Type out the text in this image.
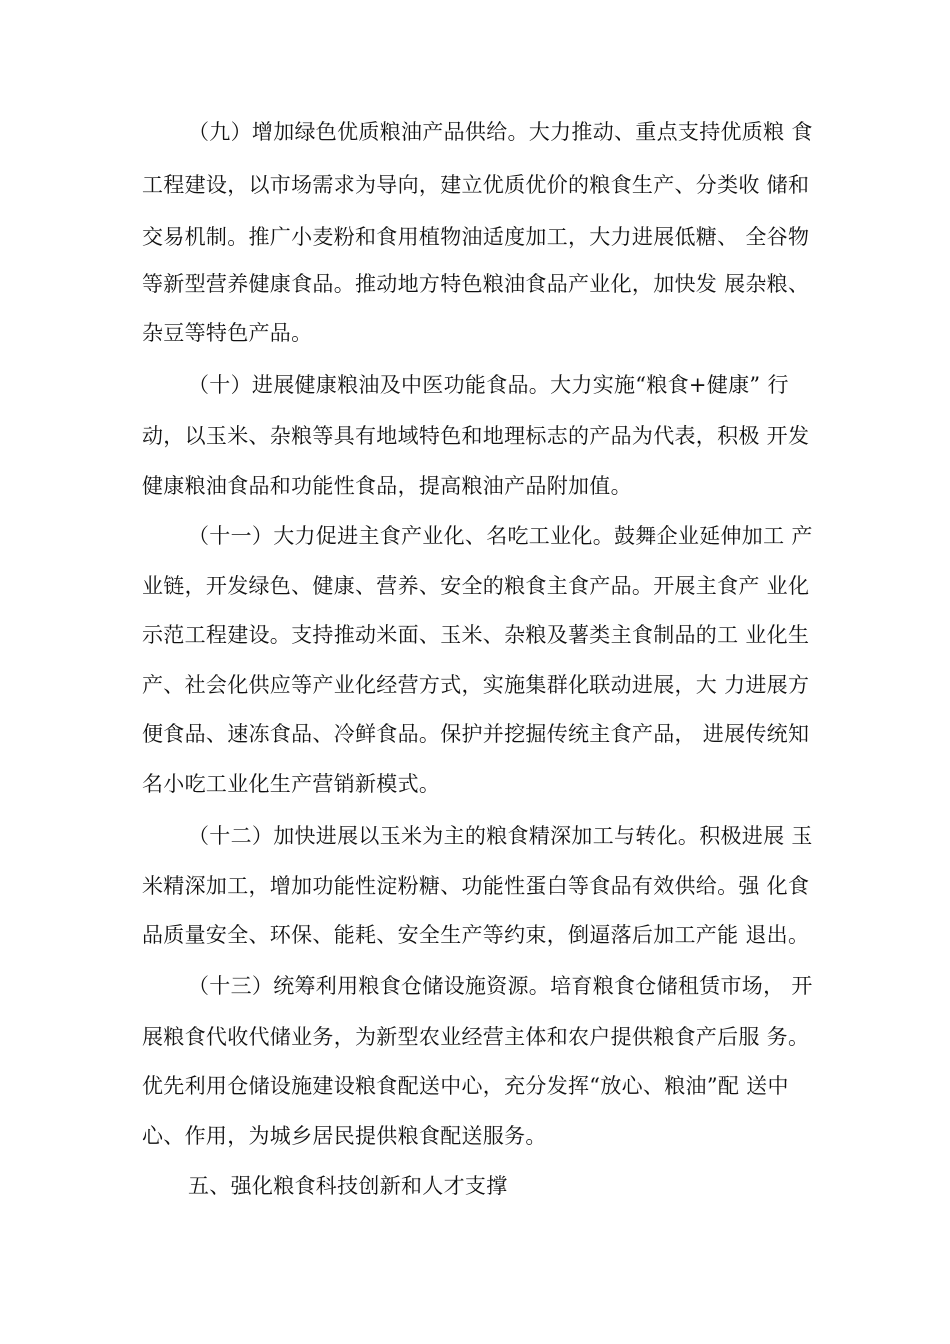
（九）增加绿色优质粮油产品供给。大力推动、重点支持优质粮 食
工程建设，以市场需求为导向，建立优质优价的粮食生产、分类收 储和
交易机制。推广小麦粉和食用植物油适度加工，大力进展低糖、 全谷物
等新型营养健康食品。推动地方特色粮油食品产业化，加快发 展杂粮、
杂豆等特色产品。
（十）进展健康粮油及中医功能食品。大力实施“粮食+健康” 行
动，以玉米、杂粮等具有地域特色和地理标志的产品为代表，积极 开发
健康粮油食品和功能性食品，提高粮油产品附加值。
（十一）大力促进主食产业化、名吃工业化。鼓舞企业延伸加工 产
业链，开发绿色、健康、营养、安全的粮食主食产品。开展主食产 业化
示范工程建设。支持推动米面、玉米、杂粮及薯类主食制品的工 业化生
产、社会化供应等产业化经营方式，实施集群化联动进展，大 力进展方
便食品、速冻食品、冷鲜食品。保护并挖掘传统主食产品， 进展传统知
名小吃工业化生产营销新模式。
（十二）加快进展以玉米为主的粮食精深加工与转化。积极进展 玉
米精深加工，增加功能性淀粉糖、功能性蛋白等食品有效供给。强 化食
品质量安全、环保、能耗、安全生产等约束，倒逼落后加工产能 退出。
（十三）统筹利用粮食仓储设施资源。培育粮食仓储租赁市场， 开
展粮食代收代储业务，为新型农业经营主体和农户提供粮食产后服 务。
优先利用仓储设施建设粮食配送中心，充分发挥“放心、粮油”配 送中
心、作用，为城乡居民提供粮食配送服务。
五、强化粮食科技创新和人才支撑
